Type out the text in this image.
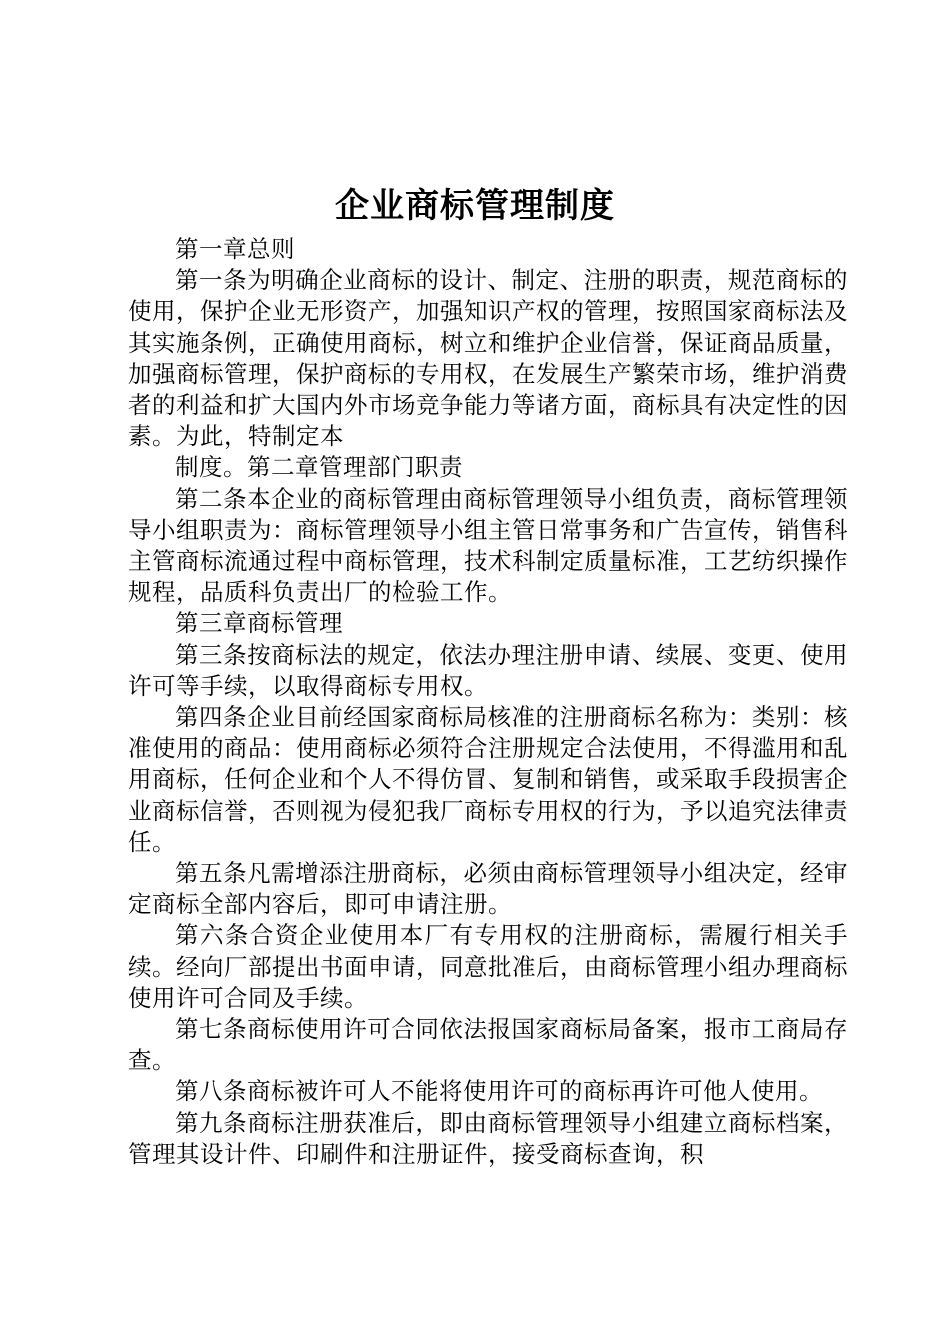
企业商标管理制度

第一章总则

第一条为明确企业商标的设计、制定、注册的职责，规范商标的使用，保护企业无形资产，加强知识产权的管理，按照国家商标法及其实施条例，正确使用商标，树立和维护企业信誉，保证商品质量，加强商标管理，保护商标的专用权，在发展生产繁荣市场，维护消费者的利益和扩大国内外市场竞争能力等诸方面，商标具有决定性的因素。为此，特制定本

制度。第二章管理部门职责

第二条本企业的商标管理由商标管理领导小组负责，商标管理领导小组职责为：商标管理领导小组主管日常事务和广告宣传，销售科主管商标流通过程中商标管理，技术科制定质量标准，工艺纺织操作规程，品质科负责出厂的检验工作。

第三章商标管理

第三条按商标法的规定，依法办理注册申请、续展、变更、使用许可等手续，以取得商标专用权。

第四条企业目前经国家商标局核准的注册商标名称为：类别：核准使用的商品：使用商标必须符合注册规定合法使用，不得滥用和乱用商标，任何企业和个人不得仿冒、复制和销售，或采取手段损害企业商标信誉，否则视为侵犯我厂商标专用权的行为，予以追究法律责任。

第五条凡需增添注册商标，必须由商标管理领导小组决定，经审定商标全部内容后，即可申请注册。

第六条合资企业使用本厂有专用权的注册商标，需履行相关手续。经向厂部提出书面申请，同意批准后，由商标管理小组办理商标使用许可合同及手续。

第七条商标使用许可合同依法报国家商标局备案，报市工商局存查。

第八条商标被许可人不能将使用许可的商标再许可他人使用。

第九条商标注册获准后，即由商标管理领导小组建立商标档案，管理其设计件、印刷件和注册证件，接受商标查询，积
